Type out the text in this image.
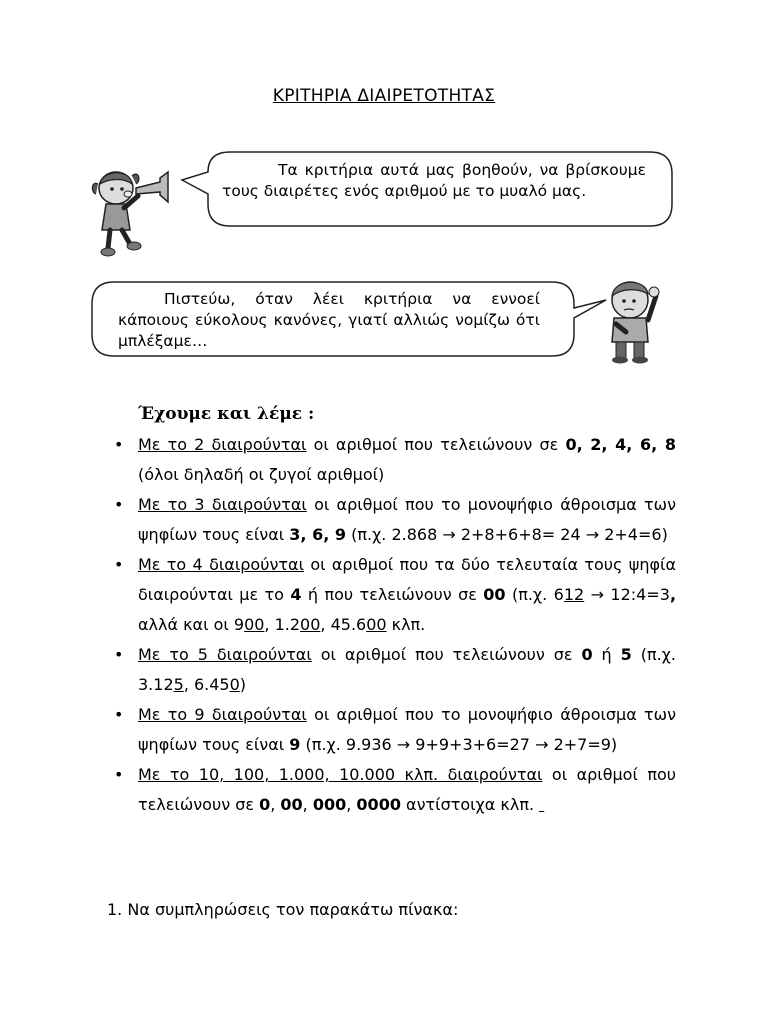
ΚΡΙΤΗΡΙΑ ΔΙΑΙΡΕΤΟΤΗΤΑΣ
Τα κριτήρια αυτά μας βοηθούν, να βρίσκουμε τους διαιρέτες ενός αριθμού με το μυαλό μας.
Πιστεύω, όταν λέει κριτήρια να εννοεί κάποιους εύκολους κανόνες, γιατί αλλιώς νομίζω ότι μπλέξαμε…
Έχουμε και λέμε :
• Με το 2 διαιρούνται οι αριθμοί που τελειώνουν σε 0, 2, 4, 6, 8 (όλοι δηλαδή οι ζυγοί αριθμοί)
• Με το 3 διαιρούνται οι αριθμοί που το μονοψήφιο άθροισμα των ψηφίων τους είναι 3, 6, 9 (π.χ. 2.868 → 2+8+6+8= 24 → 2+4=6)
• Με το 4 διαιρούνται οι αριθμοί που τα δύο τελευταία τους ψηφία διαιρούνται με το 4 ή που τελειώνουν σε 00 (π.χ. 612 → 12:4=3, αλλά και οι 900, 1.200, 45.600 κλπ.
• Με το 5 διαιρούνται οι αριθμοί που τελειώνουν σε 0 ή 5 (π.χ. 3.125, 6.450)
• Με το 9 διαιρούνται οι αριθμοί που το μονοψήφιο άθροισμα των ψηφίων τους είναι 9 (π.χ. 9.936 → 9+9+3+6=27 → 2+7=9)
• Με το 10, 100, 1.000, 10.000 κλπ. διαιρούνται οι αριθμοί που τελειώνουν σε 0, 00, 000, 0000 αντίστοιχα κλπ.
1. Να συμπληρώσεις τον παρακάτω πίνακα:
